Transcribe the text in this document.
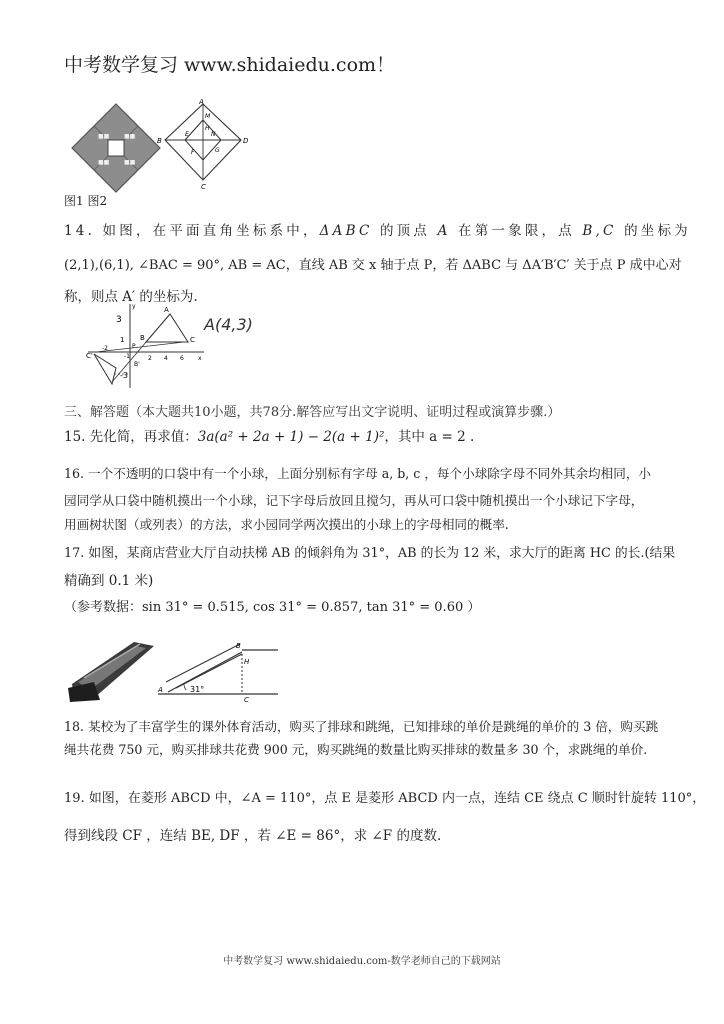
中考数学复习 www.shidaiedu.com！
■■ ■■
■■ ■■
A
B
C
D
E
F	G
H
M
N
图1 图2
14. 如图，在平面直角坐标系中，ΔABC 的顶点 A 在第一象限，点 B,C 的坐标为
(2,1),(6,1), ∠BAC = 90°, AB = AC，直线 AB 交 x 轴于点 P，若 ΔABC 与 ΔA′B′C′ 关于点 P 成中心对
称，则点 A′ 的坐标为.
y
x
3
1
-1
-2
A
B	C
C'
B'
2 4 6
-3
P
A(4,3)
三、解答题（本大题共10小题，共78分.解答应写出文字说明、证明过程或演算步骤.）
15. 先化简，再求值：3a(a² + 2a + 1) − 2(a + 1)²，其中 a = 2 .
16. 一个不透明的口袋中有一个小球，上面分别标有字母 a, b, c ，每个小球除字母不同外其余均相同，小
园同学从口袋中随机摸出一个小球，记下字母后放回且搅匀，再从可口袋中随机摸出一个小球记下字母，
用画树状图（或列表）的方法，求小园同学两次摸出的小球上的字母相同的概率.
17. 如图，某商店营业大厅自动扶梯 AB 的倾斜角为 31°，AB 的长为 12 米，求大厅的距离 HC 的长.(结果
精确到 0.1 米)
（参考数据：sin 31° = 0.515, cos 31° = 0.857, tan 31° = 0.60 ）
31°
H
C
A
B
18. 某校为了丰富学生的课外体育活动，购买了排球和跳绳，已知排球的单价是跳绳的单价的 3 倍，购买跳
绳共花费 750 元，购买排球共花费 900 元，购买跳绳的数量比购买排球的数量多 30 个，求跳绳的单价.
19. 如图，在菱形 ABCD 中，∠A = 110°，点 E 是菱形 ABCD 内一点，连结 CE 绕点 C 顺时针旋转 110°，
得到线段 CF ，连结 BE, DF ，若 ∠E = 86°，求 ∠F 的度数.
中考数学复习 www.shidaiedu.com-数学老师自己的下载网站
